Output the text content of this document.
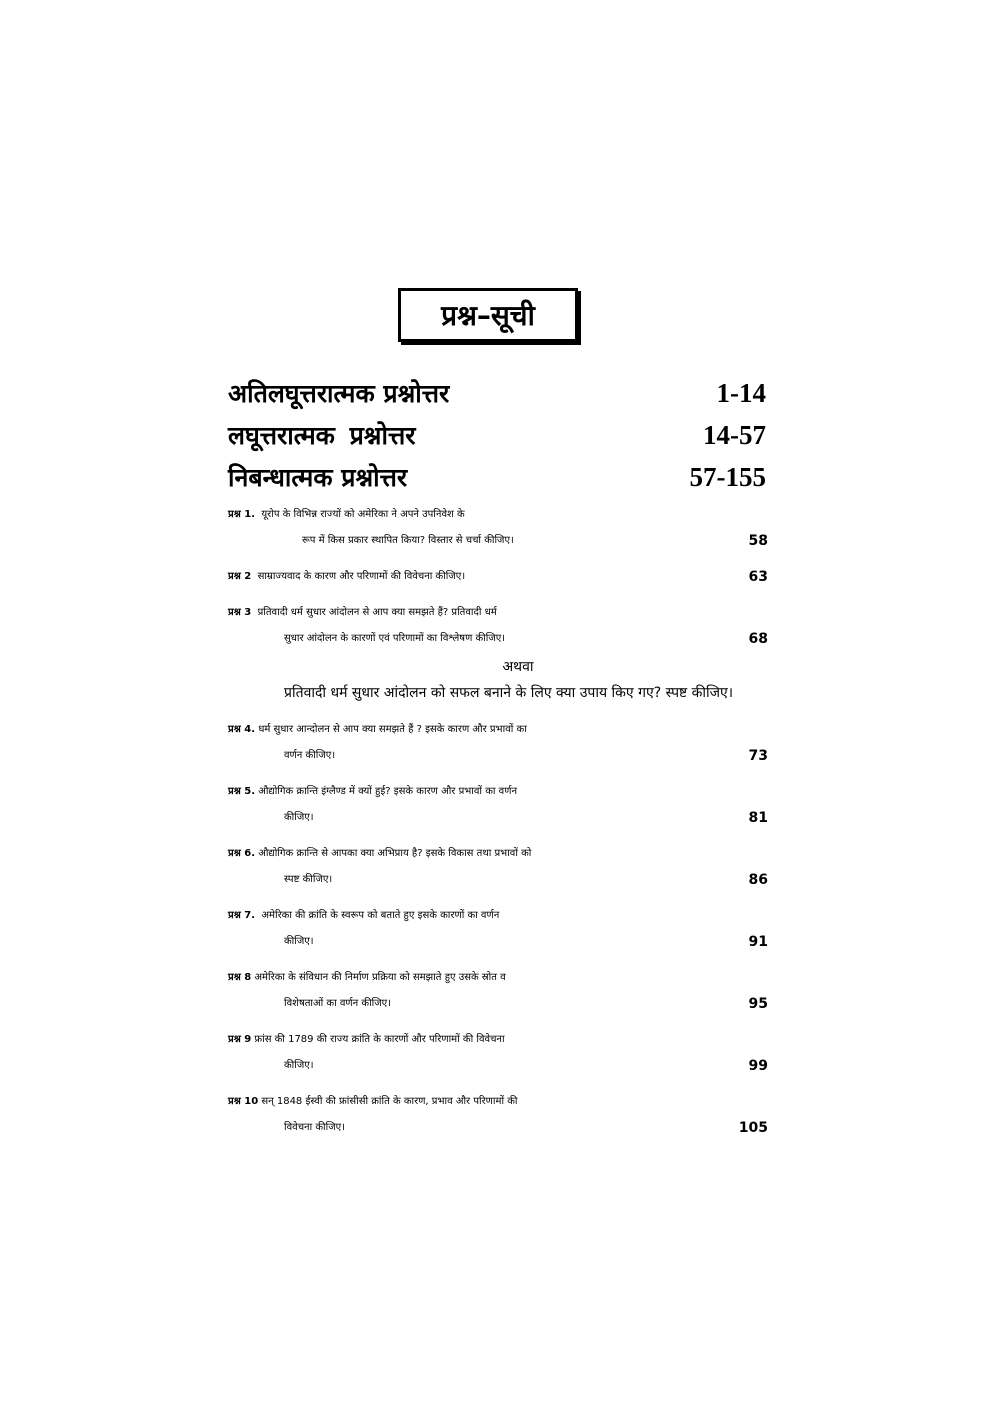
प्रश्न–सूची
अतिलघूत्तरात्मक प्रश्नोत्तर	1-14
लघूत्तरात्मक प्रश्नोत्तर	14-57
निबन्धात्मक प्रश्नोत्तर	57-155
प्रश्न 1. यूरोप के विभिन्न राज्यों को अमेरिका ने अपने उपनिवेश के
रूप में किस प्रकार स्थापित किया? विस्तार से चर्चा कीजिए।	58
प्रश्न 2 साम्राज्यवाद के कारण और परिणामों की विवेचना कीजिए।	63
प्रश्न 3 प्रतिवादी धर्म सुधार आंदोलन से आप क्या समझते हैं? प्रतिवादी धर्म
सुधार आंदोलन के कारणों एवं परिणामों का विश्लेषण कीजिए।	68
अथवा
प्रतिवादी धर्म सुधार आंदोलन को सफल बनाने के लिए क्या उपाय किए गए? स्पष्ट कीजिए।
प्रश्न 4. धर्म सुधार आन्दोलन से आप क्या समझते हैं ? इसके कारण और प्रभावों का
वर्णन कीजिए।	73
प्रश्न 5. औद्योगिक क्रान्ति इंग्लैण्ड में क्यों हुई? इसके कारण और प्रभावों का वर्णन
कीजिए।	81
प्रश्न 6. औद्योगिक क्रान्ति से आपका क्या अभिप्राय है? इसके विकास तथा प्रभावों को
स्पष्ट कीजिए।	86
प्रश्न 7. अमेरिका की क्रांति के स्वरूप को बताते हुए इसके कारणों का वर्णन
कीजिए।	91
प्रश्न 8 अमेरिका के संविधान की निर्माण प्रक्रिया को समझाते हुए उसके स्रोत व
विशेषताओं का वर्णन कीजिए।	95
प्रश्न 9 फ्रांस की 1789 की राज्य क्रांति के कारणों और परिणामों की विवेचना
कीजिए।	99
प्रश्न 10 सन् 1848 ईस्वी की फ्रांसीसी क्रांति के कारण, प्रभाव और परिणामों की
विवेचना कीजिए।	105
